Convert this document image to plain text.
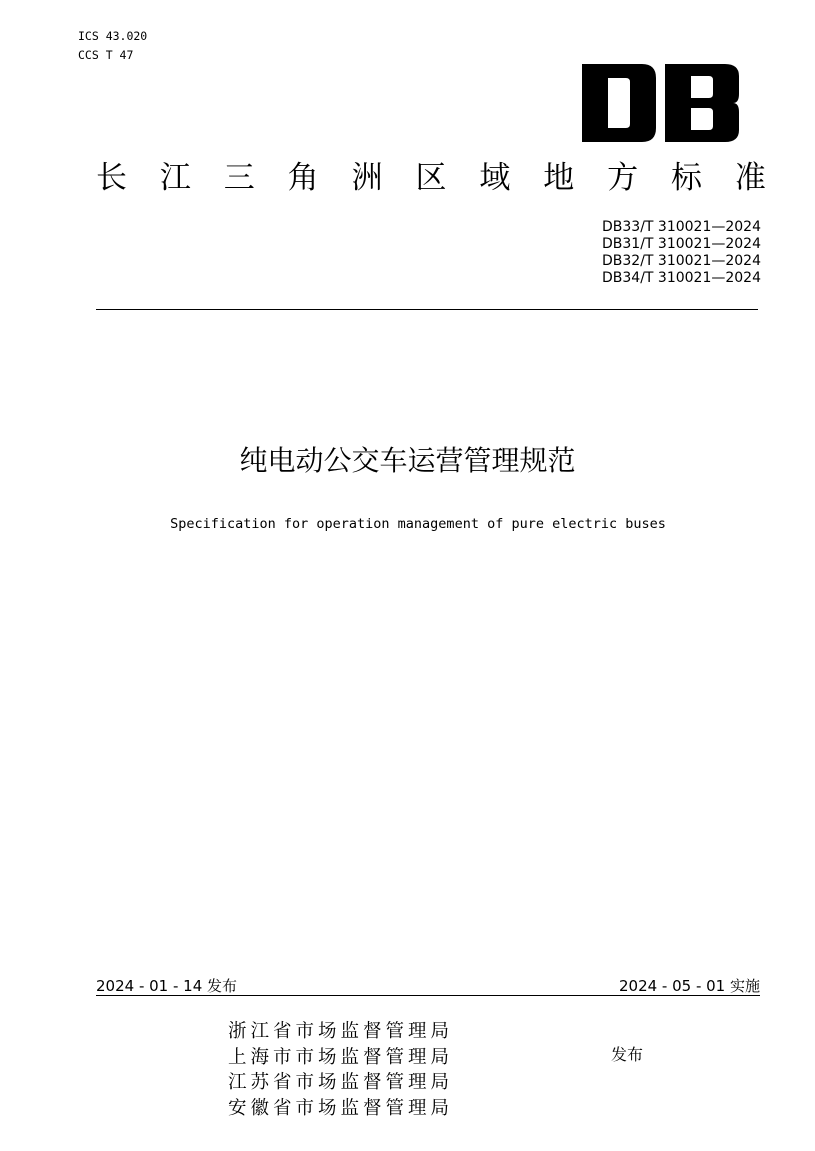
ICS 43.020
CCS T 47
长 江 三 角 洲 区 域 地 方 标 准
DB33/T 310021—2024
DB31/T 310021—2024
DB32/T 310021—2024
DB34/T 310021—2024
纯电动公交车运营管理规范
Specification for operation management of pure electric buses
2024 - 01 - 14 发布	2024 - 05 - 01 实施
浙江省市场监督管理局
上海市市场监督管理局
江苏省市场监督管理局
安徽省市场监督管理局
发布
